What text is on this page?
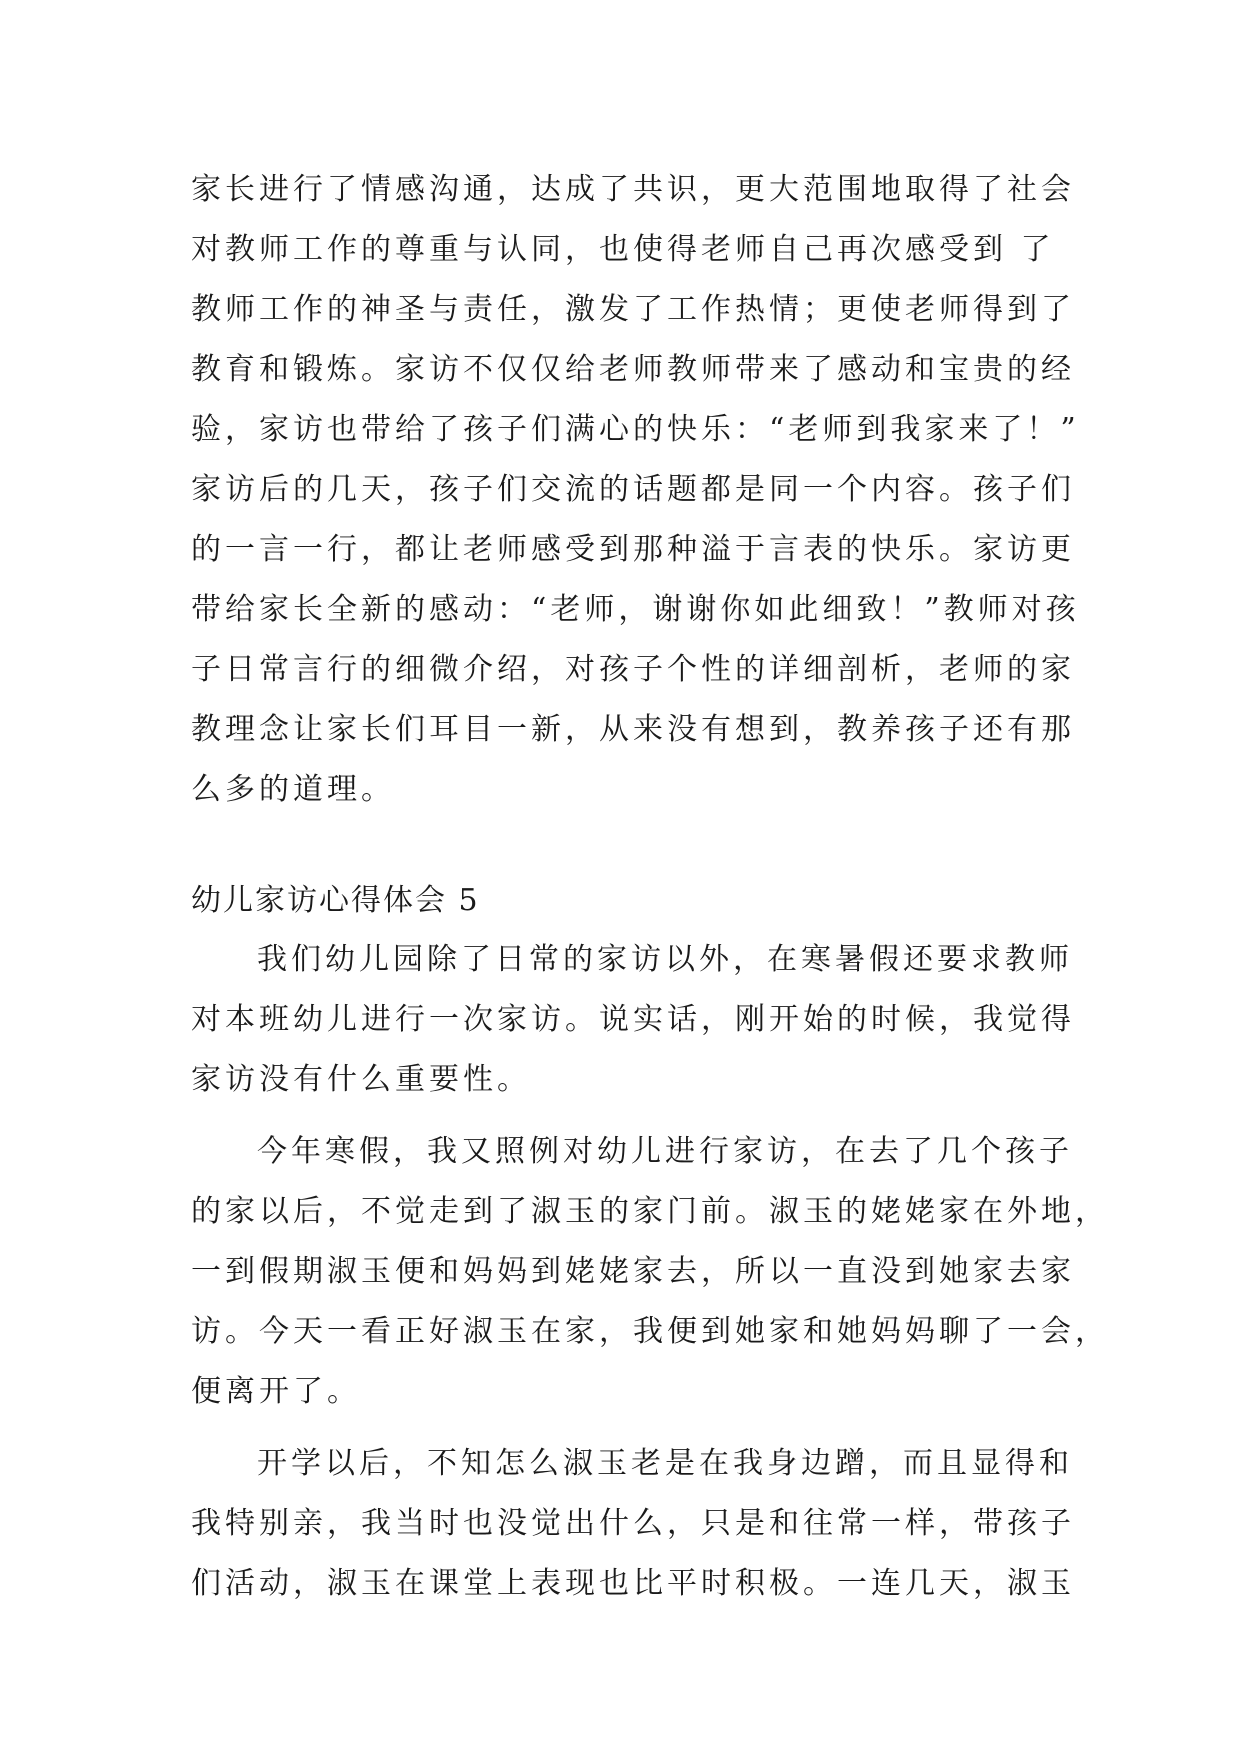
家长进行了情感沟通，达成了共识，更大范围地取得了社会
对教师工作的尊重与认同，也使得老师自己再次感受到 了
教师工作的神圣与责任，激发了工作热情；更使老师得到了
教育和锻炼。家访不仅仅给老师教师带来了感动和宝贵的经
验，家访也带给了孩子们满心的快乐：“老师到我家来了！”
家访后的几天，孩子们交流的话题都是同一个内容。孩子们
的一言一行，都让老师感受到那种溢于言表的快乐。家访更
带给家长全新的感动：“老师，谢谢你如此细致！”教师对孩
子日常言行的细微介绍，对孩子个性的详细剖析，老师的家
教理念让家长们耳目一新，从来没有想到，教养孩子还有那
么多的道理。
幼儿家访心得体会 5
我们幼儿园除了日常的家访以外，在寒暑假还要求教师
对本班幼儿进行一次家访。说实话，刚开始的时候，我觉得
家访没有什么重要性。
今年寒假，我又照例对幼儿进行家访，在去了几个孩子
的家以后，不觉走到了淑玉的家门前。淑玉的姥姥家在外地，
一到假期淑玉便和妈妈到姥姥家去，所以一直没到她家去家
访。今天一看正好淑玉在家，我便到她家和她妈妈聊了一会，
便离开了。
开学以后，不知怎么淑玉老是在我身边蹭，而且显得和
我特别亲，我当时也没觉出什么，只是和往常一样，带孩子
们活动，淑玉在课堂上表现也比平时积极。一连几天，淑玉
